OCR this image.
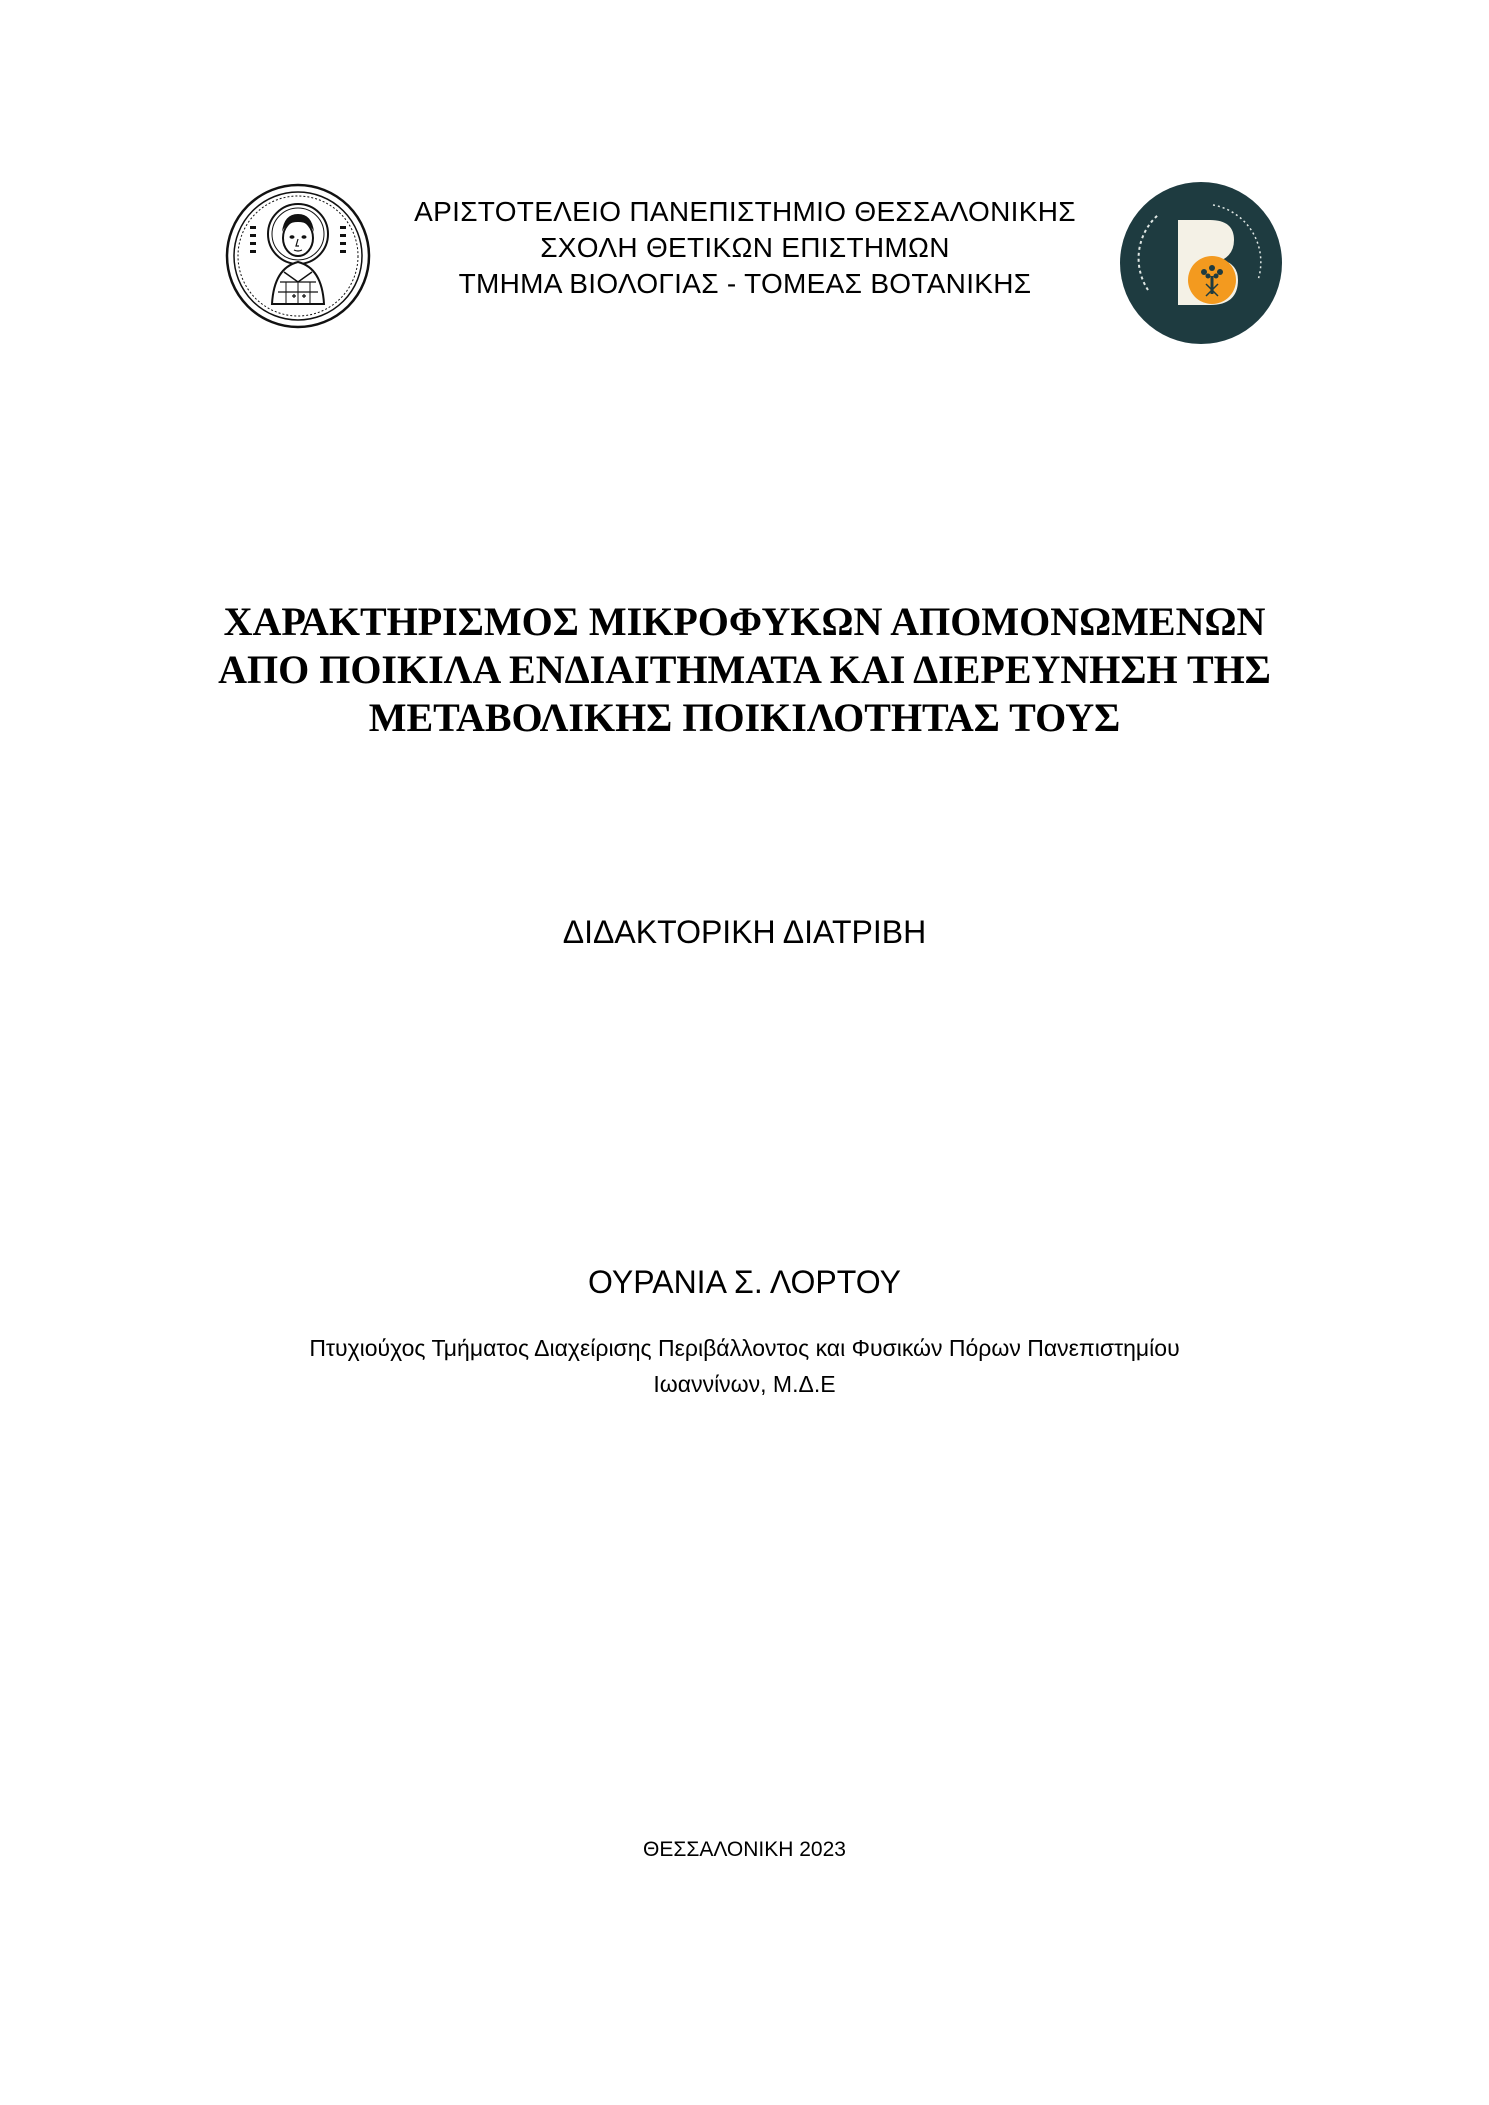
ΑΡΙΣΤΟΤΕΛΕΙΟ ΠΑΝΕΠΙΣΤΗΜΙΟ ΘΕΣΣΑΛΟΝΙΚΗΣ
ΣΧΟΛΗ ΘΕΤΙΚΩΝ ΕΠΙΣΤΗΜΩΝ
ΤΜΗΜΑ ΒΙΟΛΟΓΙΑΣ - ΤΟΜΕΑΣ ΒΟΤΑΝΙΚΗΣ
ΧΑΡΑΚΤΗΡΙΣΜΟΣ ΜΙΚΡΟΦΥΚΩΝ ΑΠΟΜΟΝΩΜΕΝΩΝ
ΑΠΟ ΠΟΙΚΙΛΑ ΕΝΔΙΑΙΤΗΜΑΤΑ ΚΑΙ ΔΙΕΡΕΥΝΗΣΗ ΤΗΣ
ΜΕΤΑΒΟΛΙΚΗΣ ΠΟΙΚΙΛΟΤΗΤΑΣ ΤΟΥΣ
ΔΙΔΑΚΤΟΡΙΚΗ ΔΙΑΤΡΙΒΗ
ΟΥΡΑΝΙΑ Σ. ΛΟΡΤΟΥ
Πτυχιούχος Τμήματος Διαχείρισης Περιβάλλοντος και Φυσικών Πόρων Πανεπιστημίου
Ιωαννίνων, Μ.Δ.Ε
ΘΕΣΣΑΛΟΝΙΚΗ 2023
